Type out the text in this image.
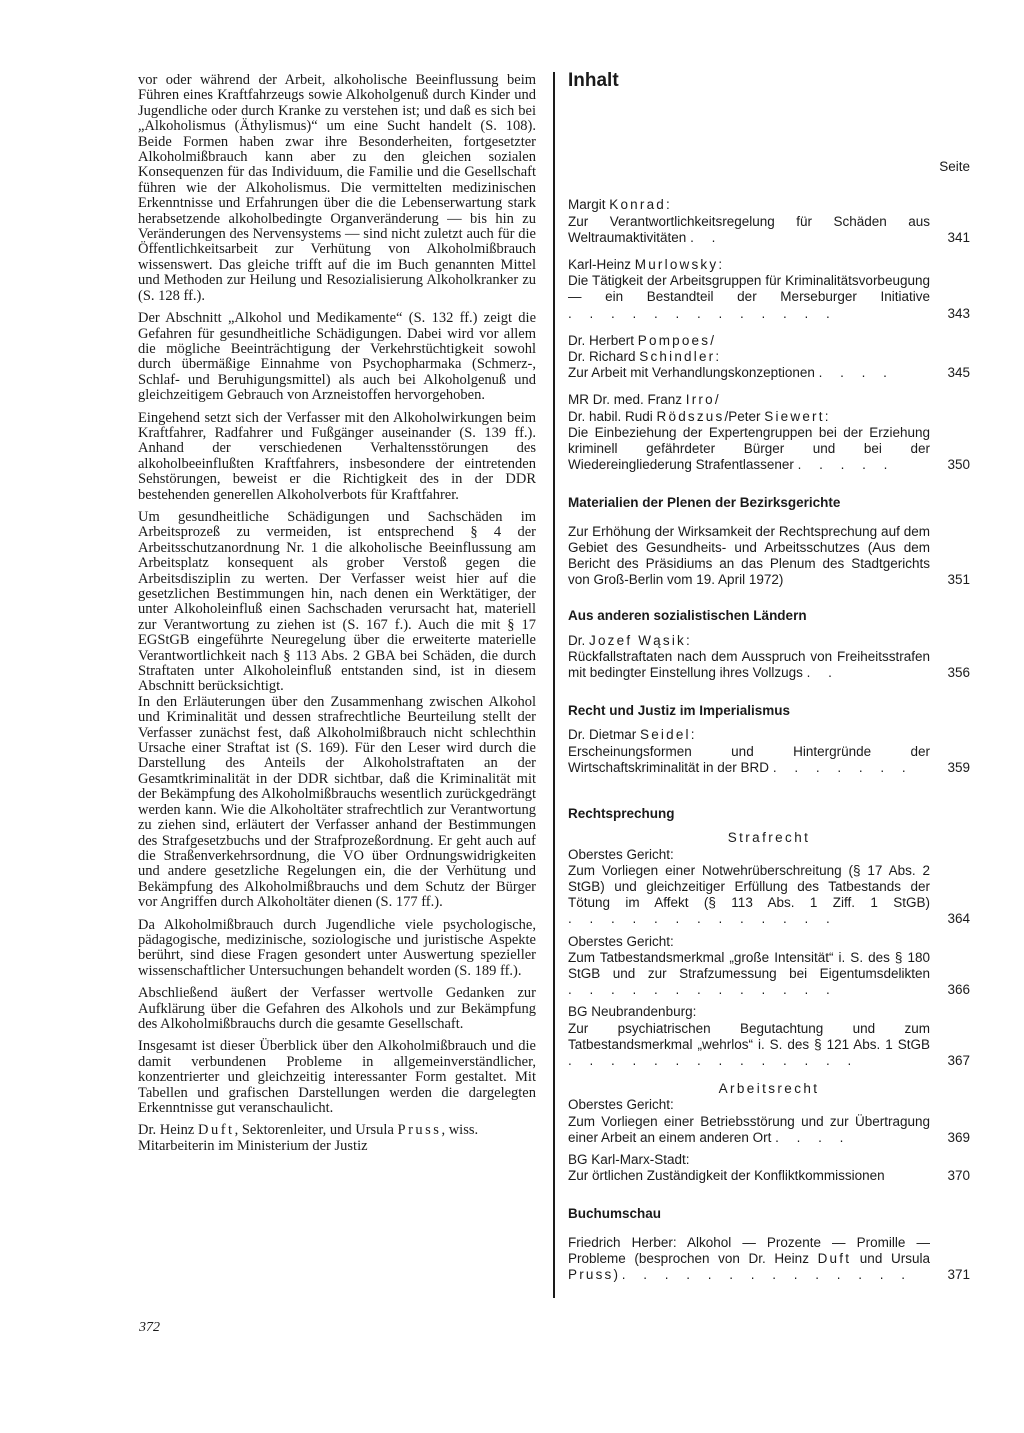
vor oder während der Arbeit, alkoholische Beeinflussung beim Führen eines Kraftfahrzeugs sowie Alkoholgenuß durch Kinder und Jugendliche oder durch Kranke zu verstehen ist; und daß es sich bei „Alkoholismus (Äthylismus)“ um eine Sucht handelt (S. 108). Beide Formen haben zwar ihre Besonderheiten, fortgesetzter Alkoholmißbrauch kann aber zu den gleichen sozialen Konsequenzen für das Individuum, die Familie und die Gesellschaft führen wie der Alkoholismus. Die vermittelten medizinischen Erkenntnisse und Erfahrungen über die die Lebenserwartung stark herabsetzende alkoholbedingte Organveränderung — bis hin zu Veränderungen des Nervensystems — sind nicht zuletzt auch für die Öffentlichkeitsarbeit zur Verhütung von Alkoholmißbrauch wissenswert. Das gleiche trifft auf die im Buch genannten Mittel und Methoden zur Heilung und Resozialisierung Alkoholkranker zu (S. 128 ff.).

Der Abschnitt „Alkohol und Medikamente“ (S. 132 ff.) zeigt die Gefahren für gesundheitliche Schädigungen. Dabei wird vor allem die mögliche Beeinträchtigung der Verkehrstüchtigkeit sowohl durch übermäßige Einnahme von Psychopharmaka (Schmerz-, Schlaf- und Beruhigungsmittel) als auch bei Alkoholgenuß und gleichzeitigem Gebrauch von Arzneistoffen hervorgehoben.

Eingehend setzt sich der Verfasser mit den Alkoholwirkungen beim Kraftfahrer, Radfahrer und Fußgänger auseinander (S. 139 ff.). Anhand der verschiedenen Verhaltensstörungen des alkoholbeeinflußten Kraftfahrers, insbesondere der eintretenden Sehstörungen, beweist er die Richtigkeit des in der DDR bestehenden generellen Alkoholverbots für Kraftfahrer.

Um gesundheitliche Schädigungen und Sachschäden im Arbeitsprozeß zu vermeiden, ist entsprechend § 4 der Arbeitsschutzanordnung Nr. 1 die alkoholische Beeinflussung am Arbeitsplatz konsequent als grober Verstoß gegen die Arbeitsdisziplin zu werten. Der Verfasser weist hier auf die gesetzlichen Bestimmungen hin, nach denen ein Werktätiger, der unter Alkoholeinfluß einen Sachschaden verursacht hat, materiell zur Verantwortung zu ziehen ist (S. 167 f.). Auch die mit § 17 EGStGB eingeführte Neuregelung über die erweiterte materielle Verantwortlichkeit nach § 113 Abs. 2 GBA bei Schäden, die durch Straftaten unter Alkoholeinfluß entstanden sind, ist in diesem Abschnitt berücksichtigt.

In den Erläuterungen über den Zusammenhang zwischen Alkohol und Kriminalität und dessen strafrechtliche Beurteilung stellt der Verfasser zunächst fest, daß Alkoholmißbrauch nicht schlechthin Ursache einer Straftat ist (S. 169). Für den Leser wird durch die Darstellung des Anteils der Alkoholstraftaten an der Gesamtkriminalität in der DDR sichtbar, daß die Kriminalität mit der Bekämpfung des Alkoholmißbrauchs wesentlich zurückgedrängt werden kann. Wie die Alkoholtäter strafrechtlich zur Verantwortung zu ziehen sind, erläutert der Verfasser anhand der Bestimmungen des Strafgesetzbuchs und der Strafprozeßordnung. Er geht auch auf die Straßenverkehrsordnung, die VO über Ordnungswidrigkeiten und andere gesetzliche Regelungen ein, die der Verhütung und Bekämpfung des Alkoholmißbrauchs und dem Schutz der Bürger vor Angriffen durch Alkoholtäter dienen (S. 177 ff.).

Da Alkoholmißbrauch durch Jugendliche viele psychologische, pädagogische, medizinische, soziologische und juristische Aspekte berührt, sind diese Fragen gesondert unter Auswertung spezieller wissenschaftlicher Untersuchungen behandelt worden (S. 189 ff.).

Abschließend äußert der Verfasser wertvolle Gedanken zur Aufklärung über die Gefahren des Alkohols und zur Bekämpfung des Alkoholmißbrauchs durch die gesamte Gesellschaft.

Insgesamt ist dieser Überblick über den Alkoholmißbrauch und die damit verbundenen Probleme in allgemeinverständlicher, konzentrierter und gleichzeitig interessanter Form gestaltet. Mit Tabellen und grafischen Darstellungen werden die dargelegten Erkenntnisse gut veranschaulicht.

Dr. Heinz Duft, Sektorenleiter, und Ursula Pruss, wiss. Mitarbeiterin im Ministerium der Justiz

372
Inhalt
Seite
Margit Konrad:
Zur Verantwortlichkeitsregelung für Schäden aus Weltraumaktivitäten . .	341
Karl-Heinz Murlowsky:
Die Tätigkeit der Arbeitsgruppen für Kriminalitätsvorbeugung — ein Bestandteil der Merseburger Initiative . . . . . . . . . . . . .	343
Dr. Herbert Pompoes/
Dr. Richard Schindler:
Zur Arbeit mit Verhandlungskonzeptionen . . . .	345
MR Dr. med. Franz Irro/
Dr. habil. Rudi Rödszus/Peter Siewert:
Die Einbeziehung der Expertengruppen bei der Erziehung kriminell gefährdeter Bürger und bei der Wiedereingliederung Strafentlassener . . . . .	350
Materialien der Plenen der Bezirksgerichte
Zur Erhöhung der Wirksamkeit der Rechtsprechung auf dem Gebiet des Gesundheits- und Arbeitsschutzes (Aus dem Bericht des Präsidiums an das Plenum des Stadtgerichts von Groß-Berlin vom 19. April 1972)	351
Aus anderen sozialistischen Ländern
Dr. Jozef Wąsik:
Rückfallstraftaten nach dem Ausspruch von Freiheitsstrafen mit bedingter Einstellung ihres Vollzugs . .	356
Recht und Justiz im Imperialismus
Dr. Dietmar Seidel:
Erscheinungsformen und Hintergründe der Wirtschaftskriminalität in der BRD . . . . . . .	359
Rechtsprechung
Strafrecht
Oberstes Gericht:
Zum Vorliegen einer Notwehrüberschreitung (§ 17 Abs. 2 StGB) und gleichzeitiger Erfüllung des Tatbestands der Tötung im Affekt (§ 113 Abs. 1 Ziff. 1 StGB) . . . . . . . . . . . . .	364
Oberstes Gericht:
Zum Tatbestandsmerkmal „große Intensität“ i. S. des § 180 StGB und zur Strafzumessung bei Eigentumsdelikten . . . . . . . . . . . . .	366
BG Neubrandenburg:
Zur psychiatrischen Begutachtung und zum Tatbestandsmerkmal „wehrlos“ i. S. des § 121 Abs. 1 StGB . . . . . . . . . . . . . .	367
Arbeitsrecht
Oberstes Gericht:
Zum Vorliegen einer Betriebsstörung und zur Übertragung einer Arbeit an einem anderen Ort . . . .	369
BG Karl-Marx-Stadt:
Zur örtlichen Zuständigkeit der Konfliktkommissionen	370
Buchumschau
Friedrich Herber: Alkohol — Prozente — Promille — Probleme (besprochen von Dr. Heinz Duft und Ursula Pruss) . . . . . . . . . . . . . .	371
